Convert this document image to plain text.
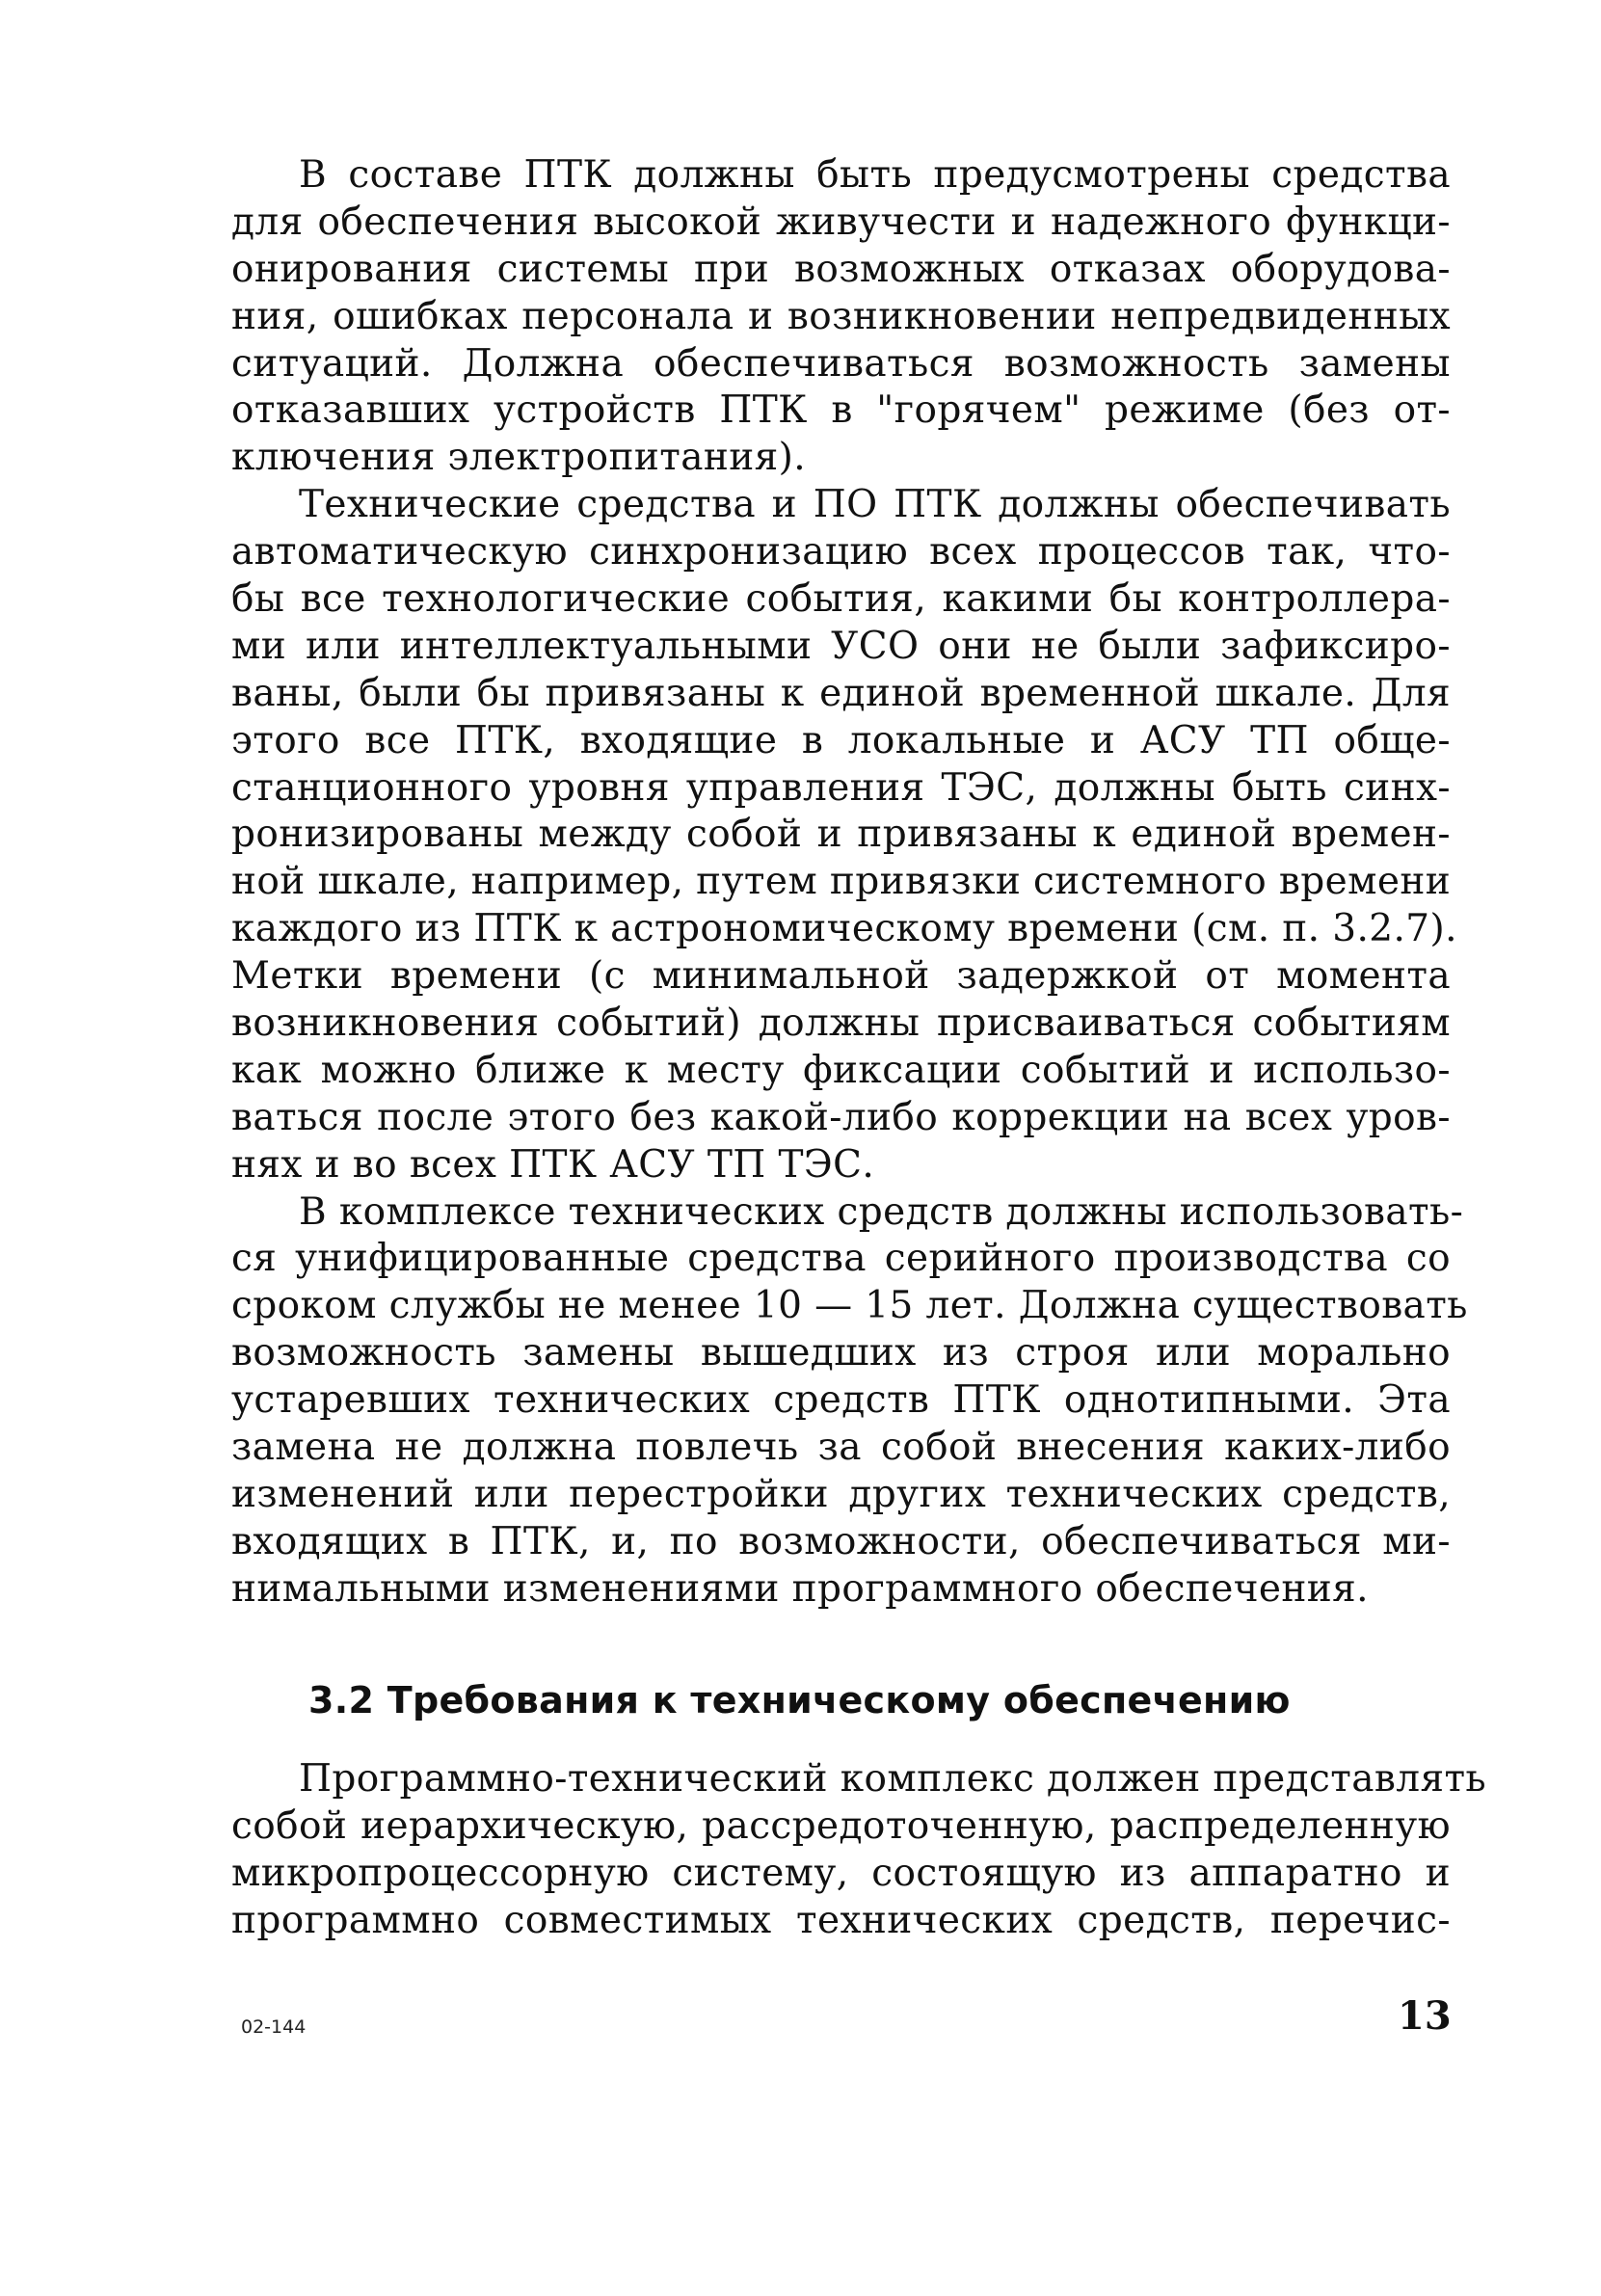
В составе ПТК должны быть предусмотрены средства
для обеспечения высокой живучести и надежного функци-
онирования системы при возможных отказах оборудова-
ния, ошибках персонала и возникновении непредвиденных
ситуаций. Должна обеспечиваться возможность замены
отказавших устройств ПТК в "горячем" режиме (без от-
ключения электропитания).
Технические средства и ПО ПТК должны обеспечивать
автоматическую синхронизацию всех процессов так, что-
бы все технологические события, какими бы контроллера-
ми или интеллектуальными УСО они не были зафиксиро-
ваны, были бы привязаны к единой временной шкале. Для
этого все ПТК, входящие в локальные и АСУ ТП обще-
станционного уровня управления ТЭС, должны быть синх-
ронизированы между собой и привязаны к единой времен-
ной шкале, например, путем привязки системного времени
каждого из ПТК к астрономическому времени (см. п. 3.2.7).
Метки времени (с минимальной задержкой от момента
возникновения событий) должны присваиваться событиям
как можно ближе к месту фиксации событий и использо-
ваться после этого без какой-либо коррекции на всех уров-
нях и во всех ПТК АСУ ТП ТЭС.
В комплексе технических средств должны использовать-
ся унифицированные средства серийного производства со
сроком службы не менее 10 — 15 лет. Должна существовать
возможность замены вышедших из строя или морально
устаревших технических средств ПТК однотипными. Эта
замена не должна повлечь за собой внесения каких-либо
изменений или перестройки других технических средств,
входящих в ПТК, и, по возможности, обеспечиваться ми-
нимальными изменениями программного обеспечения.
3.2 Требования к техническому обеспечению
Программно-технический комплекс должен представлять
собой иерархическую, рассредоточенную, распределенную
микропроцессорную систему, состоящую из аппаратно и
программно совместимых технических средств, перечис-
02-144	13
